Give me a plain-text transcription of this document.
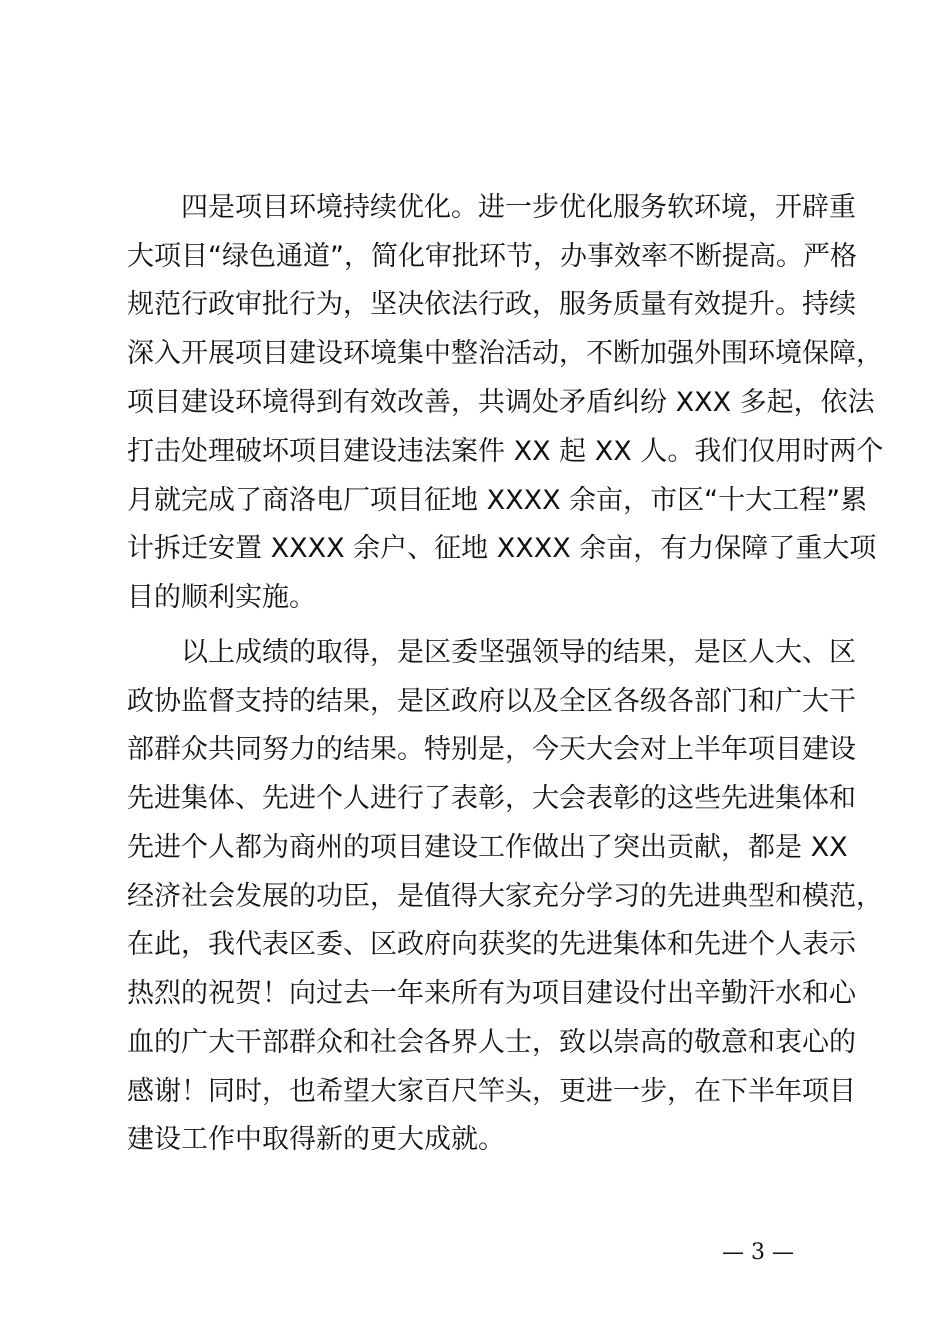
　　四是项目环境持续优化。进一步优化服务软环境，开辟重
大项目“绿色通道”，简化审批环节，办事效率不断提高。严格
规范行政审批行为，坚决依法行政，服务质量有效提升。持续
深入开展项目建设环境集中整治活动，不断加强外围环境保障，
项目建设环境得到有效改善，共调处矛盾纠纷 XXX 多起，依法
打击处理破坏项目建设违法案件 XX 起 XX 人。我们仅用时两个
月就完成了商洛电厂项目征地 XXXX 余亩，市区“十大工程”累
计拆迁安置 XXXX 余户、征地 XXXX 余亩，有力保障了重大项
目的顺利实施。
　　以上成绩的取得，是区委坚强领导的结果，是区人大、区
政协监督支持的结果，是区政府以及全区各级各部门和广大干
部群众共同努力的结果。特别是，今天大会对上半年项目建设
先进集体、先进个人进行了表彰，大会表彰的这些先进集体和
先进个人都为商州的项目建设工作做出了突出贡献，都是 XX
经济社会发展的功臣，是值得大家充分学习的先进典型和模范，
在此，我代表区委、区政府向获奖的先进集体和先进个人表示
热烈的祝贺！向过去一年来所有为项目建设付出辛勤汗水和心
血的广大干部群众和社会各界人士，致以崇高的敬意和衷心的
感谢！同时，也希望大家百尺竿头，更进一步，在下半年项目
建设工作中取得新的更大成就。
— 3 —
